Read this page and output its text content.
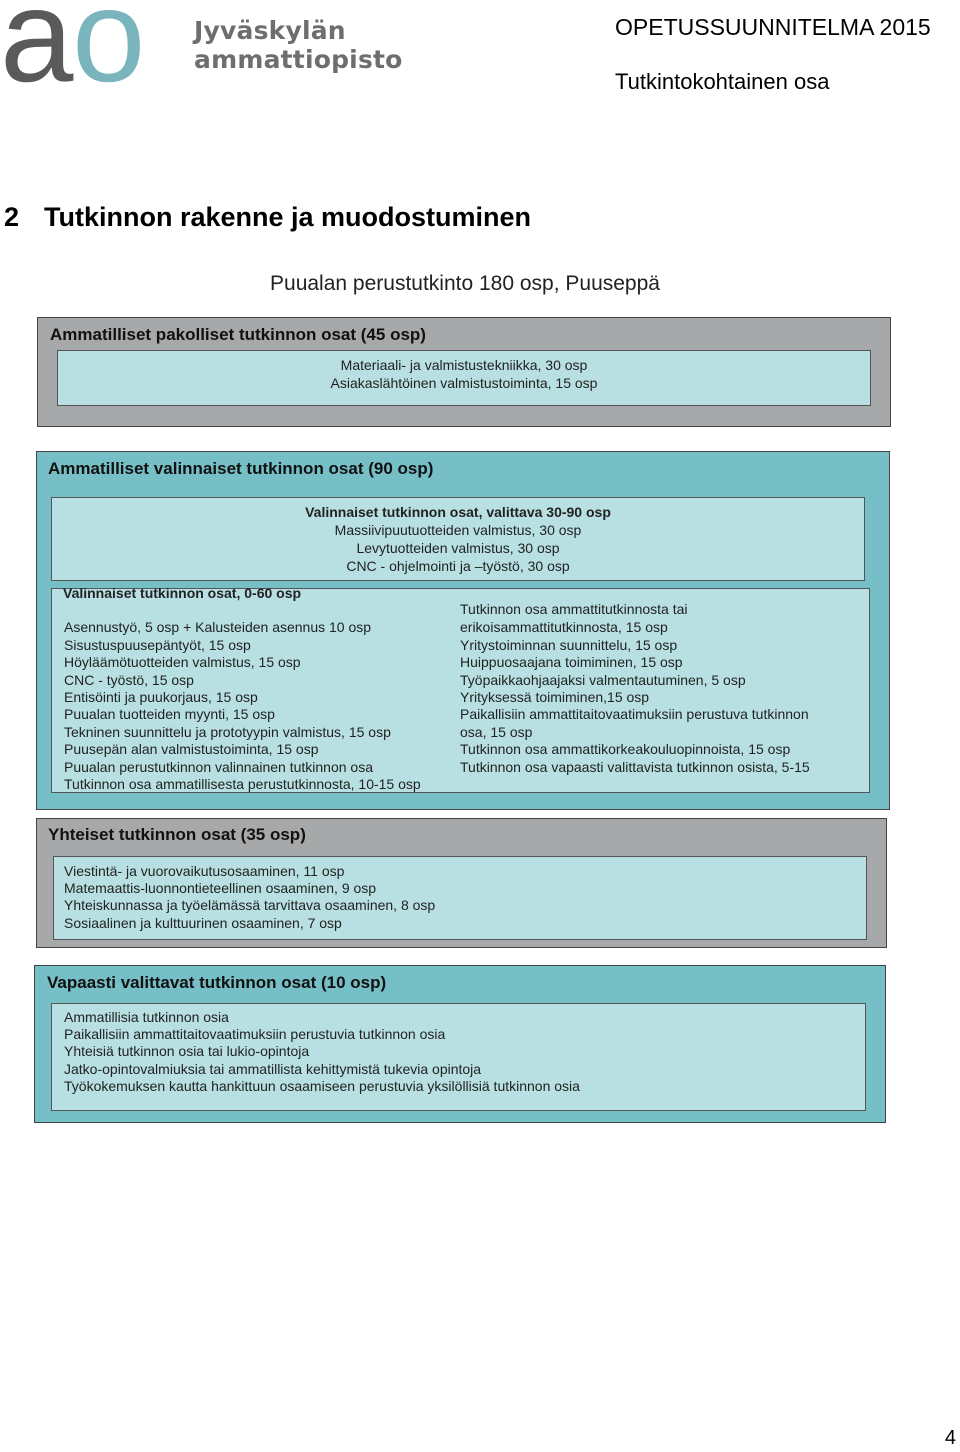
a
o Jyväskylän
ammattiopisto
OPETUSSUUNNITELMA 2015
Tutkintokohtainen osa
2 Tutkinnon rakenne ja muodostuminen
Puualan perustutkinto 180 osp, Puuseppä
Ammatilliset pakolliset tutkinnon osat (45 osp)
Materiaali- ja valmistustekniikka, 30 osp
Asiakaslähtöinen valmistustoiminta, 15 osp
Ammatilliset valinnaiset tutkinnon osat (90 osp)
Valinnaiset tutkinnon osat, valittava 30-90 osp
Massiivipuutuotteiden valmistus, 30 osp
Levytuotteiden valmistus, 30 osp
CNC - ohjelmointi ja –työstö, 30 osp
Valinnaiset tutkinnon osat, 0-60 osp
Asennustyö, 5 osp + Kalusteiden asennus 10 osp
Sisustuspuusepäntyöt, 15 osp
Höyläämötuotteiden valmistus, 15 osp
CNC - työstö, 15 osp
Entisöinti ja puukorjaus, 15 osp
Puualan tuotteiden myynti, 15 osp
Tekninen suunnittelu ja prototyypin valmistus, 15 osp
Puusepän alan valmistustoiminta, 15 osp
Puualan perustutkinnon valinnainen tutkinnon osa
Tutkinnon osa ammatillisesta perustutkinnosta, 10-15 osp
Tutkinnon osa ammattitutkinnosta tai
erikoisammattitutkinnosta, 15 osp
Yritystoiminnan suunnittelu, 15 osp
Huippuosaajana toimiminen, 15 osp
Työpaikkaohjaajaksi valmentautuminen, 5 osp
Yrityksessä toimiminen,15 osp
Paikallisiin ammattitaitovaatimuksiin perustuva tutkinnon
osa, 15 osp
Tutkinnon osa ammattikorkeakouluopinnoista, 15 osp
Tutkinnon osa vapaasti valittavista tutkinnon osista, 5-15
Yhteiset tutkinnon osat (35 osp)
Viestintä- ja vuorovaikutusosaaminen, 11 osp
Matemaattis-luonnontieteellinen osaaminen, 9 osp
Yhteiskunnassa ja työelämässä tarvittava osaaminen, 8 osp
Sosiaalinen ja kulttuurinen osaaminen, 7 osp
Vapaasti valittavat tutkinnon osat (10 osp)
Ammatillisia tutkinnon osia
Paikallisiin ammattitaitovaatimuksiin perustuvia tutkinnon osia
Yhteisiä tutkinnon osia tai lukio-opintoja
Jatko-opintovalmiuksia tai ammatillista kehittymistä tukevia opintoja
Työkokemuksen kautta hankittuun osaamiseen perustuvia yksilöllisiä tutkinnon osia
4
